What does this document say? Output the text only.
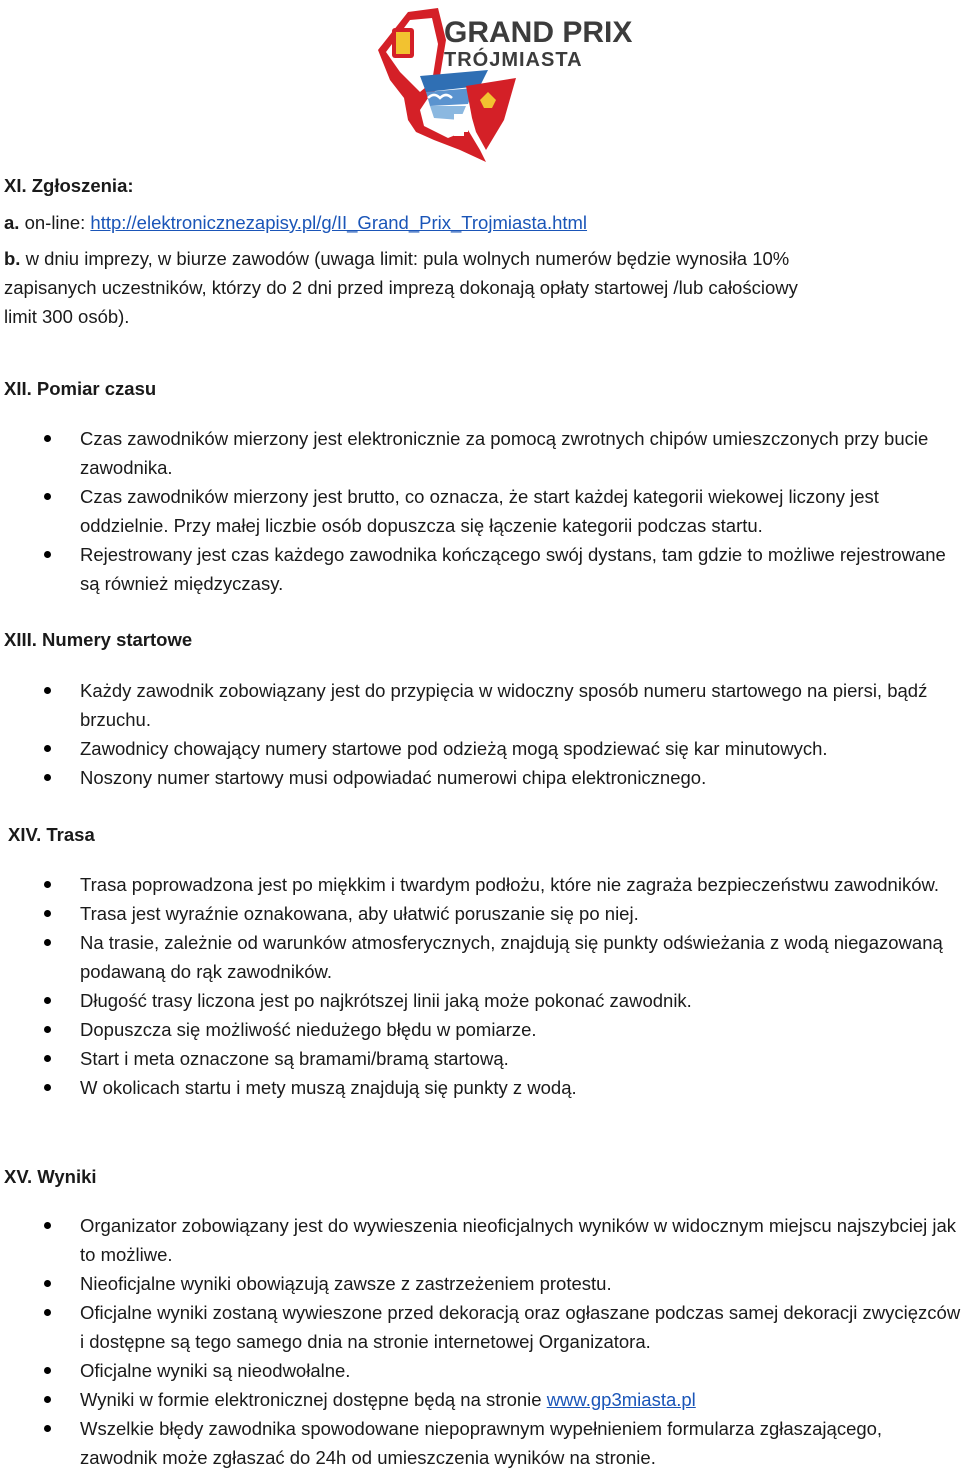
GRAND PRIX
TRÓJMIASTA
XI. Zgłoszenia:
a. on-line: http://elektronicznezapisy.pl/g/II_Grand_Prix_Trojmiasta.html
b. w dniu imprezy, w biurze zawodów (uwaga limit: pula wolnych numerów będzie wynosiła 10%
zapisanych uczestników, którzy do 2 dni przed imprezą dokonają opłaty startowej /lub całościowy
limit 300 osób).
XII. Pomiar czasu
Czas zawodników mierzony jest elektronicznie za pomocą zwrotnych chipów umieszczonych przy bucie zawodnika.
Czas zawodników mierzony jest brutto, co oznacza, że start każdej kategorii wiekowej liczony jest oddzielnie. Przy małej liczbie osób dopuszcza się łączenie kategorii podczas startu.
Rejestrowany jest czas każdego zawodnika kończącego swój dystans, tam gdzie to możliwe rejestrowane są również międzyczasy.
XIII. Numery startowe
Każdy zawodnik zobowiązany jest do przypięcia w widoczny sposób numeru startowego na piersi, bądź brzuchu.
Zawodnicy chowający numery startowe pod odzieżą mogą spodziewać się kar minutowych.
Noszony numer startowy musi odpowiadać numerowi chipa elektronicznego.
XIV. Trasa
Trasa poprowadzona jest po miękkim i twardym podłożu, które nie zagraża bezpieczeństwu zawodników.
Trasa jest wyraźnie oznakowana, aby ułatwić poruszanie się po niej.
Na trasie, zależnie od warunków atmosferycznych, znajdują się punkty odświeżania z wodą niegazowaną podawaną do rąk zawodników.
Długość trasy liczona jest po najkrótszej linii jaką może pokonać zawodnik.
Dopuszcza się możliwość niedużego błędu w pomiarze.
Start i meta oznaczone są bramami/bramą startową.
W okolicach startu i mety muszą znajdują się punkty z wodą.
XV. Wyniki
Organizator zobowiązany jest do wywieszenia nieoficjalnych wyników w widocznym miejscu najszybciej jak to możliwe.
Nieoficjalne wyniki obowiązują zawsze z zastrzeżeniem protestu.
Oficjalne wyniki zostaną wywieszone przed dekoracją oraz ogłaszane podczas samej dekoracji zwycięzców i dostępne są tego samego dnia na stronie internetowej Organizatora.
Oficjalne wyniki są nieodwołalne.
Wyniki w formie elektronicznej dostępne będą na stronie www.gp3miasta.pl
Wszelkie błędy zawodnika spowodowane niepoprawnym wypełnieniem formularza zgłaszającego, zawodnik może zgłaszać do 24h od umieszczenia wyników na stronie.
